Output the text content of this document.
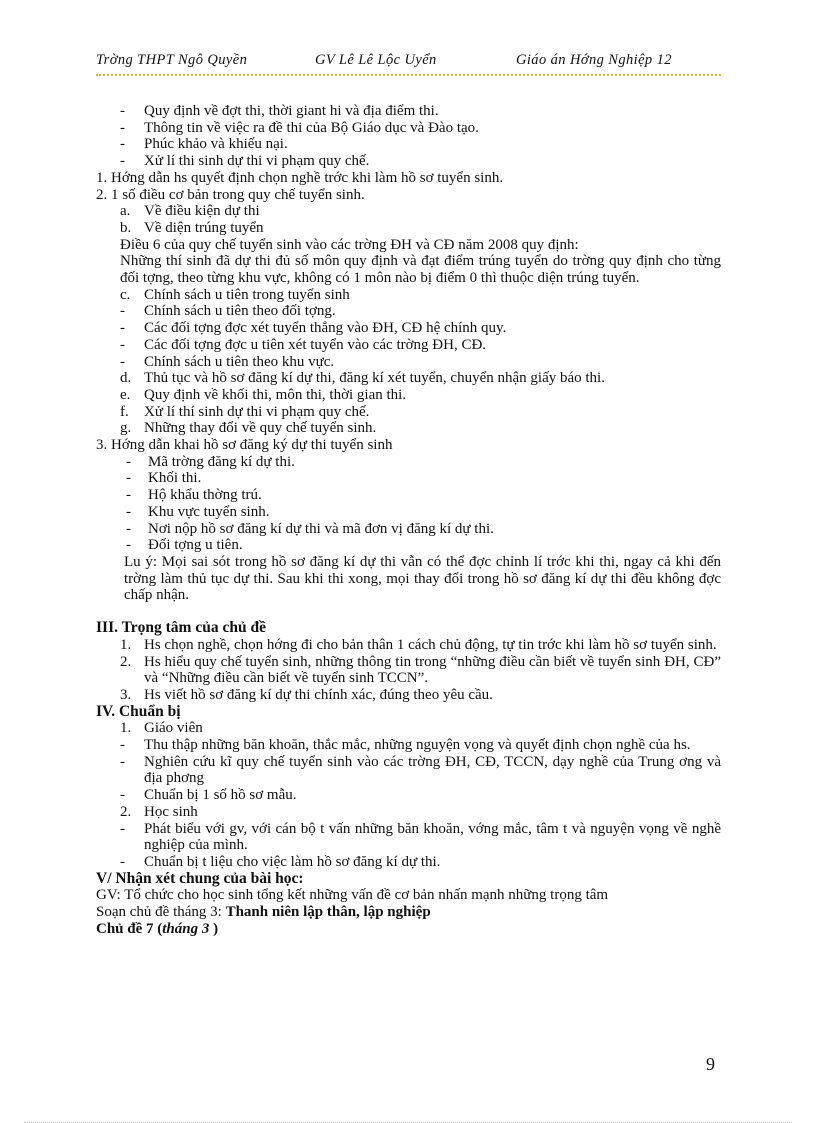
Trờng THPT Ngô Quyền	GV Lê Lê Lộc Uyển	Giáo án Hớng Nghiệp 12
- Quy định về đợt thi, thời giant hi và địa điểm thi.
- Thông tin về việc ra đề thi của Bộ Giáo dục và Đào tạo.
- Phúc khảo và khiếu nại.
- Xử lí thi sinh dự thi vi phạm quy chế.
1. Hớng dẫn hs quyết định chọn nghề trớc khi làm hồ sơ tuyển sinh.
2. 1 số điều cơ bản trong quy chế tuyển sinh.
a. Về điều kiện dự thi
b. Về diện trúng tuyển
Điều 6 của quy chế tuyển sinh vào các trờng ĐH và CĐ năm 2008 quy định:
Những thí sinh đã dự thi đủ số môn quy định và đạt điểm trúng tuyển do trờng quy định cho từng đối tợng, theo từng khu vực, không có 1 môn nào bị điểm 0 thì thuộc diện trúng tuyển.
c. Chính sách u tiên trong tuyển sinh
- Chính sách u tiên theo đối tợng.
- Các đối tợng đợc xét tuyển thẳng vào ĐH, CĐ hệ chính quy.
- Các đối tợng đợc u tiên xét tuyển vào các trờng ĐH, CĐ.
- Chính sách u tiên theo khu vực.
d. Thủ tục và hồ sơ đăng kí dự thi, đăng kí xét tuyển, chuyển nhận giấy báo thi.
e. Quy định về khối thi, môn thi, thời gian thi.
f. Xử lí thí sinh dự thi vi phạm quy chế.
g. Những thay đổi về quy chế tuyển sinh.
3. Hớng dẫn khai hồ sơ đăng ký dự thi tuyển sinh
- Mã trờng đăng kí dự thi.
- Khối thi.
- Hộ khẩu thờng trú.
- Khu vực tuyển sinh.
- Nơi nộp hồ sơ đăng kí dự thi và mã đơn vị đăng kí dự thi.
- Đối tợng u tiên.
Lu ý: Mọi sai sót trong hồ sơ đăng kí dự thi vẫn có thể đợc chỉnh lí trớc khi thi, ngay cả khi đến trờng làm thủ tục dự thi. Sau khi thi xong, mọi thay đổi trong hồ sơ đăng kí dự thi đều không đợc chấp nhận.
III. Trọng tâm của chủ đề
1. Hs chọn nghề, chọn hớng đi cho bản thân 1 cách chủ động, tự tin trớc khi làm hồ sơ tuyển sinh.
2. Hs hiểu quy chế tuyển sinh, những thông tin trong “những điều cần biết về tuyển sinh ĐH, CĐ” và “Những điều cần biết về tuyển sinh TCCN”.
3. Hs viết hồ sơ đăng kí dự thi chính xác, đúng theo yêu cầu.
IV. Chuẩn bị
1. Giáo viên
- Thu thập những băn khoăn, thắc mắc, những nguyện vọng và quyết định chọn nghề của hs.
- Nghiên cứu kĩ quy chế tuyển sinh vào các trờng ĐH, CĐ, TCCN, dạy nghề của Trung ơng và địa phơng
- Chuẩn bị 1 số hồ sơ mẫu.
2. Học sinh
- Phát biểu với gv, với cán bộ t vấn những băn khoăn, vớng mắc, tâm t và nguyện vọng về nghề nghiệp của mình.
- Chuẩn bị t liệu cho việc làm hồ sơ đăng kí dự thi.
V/ Nhận xét chung của bài học:
GV: Tổ chức cho học sinh tổng kết những vấn đề cơ bản nhấn mạnh những trọng tâm
Soạn chủ đề tháng 3: Thanh niên lập thân, lập nghiệp
Chủ đề 7 (tháng 3 )
9
